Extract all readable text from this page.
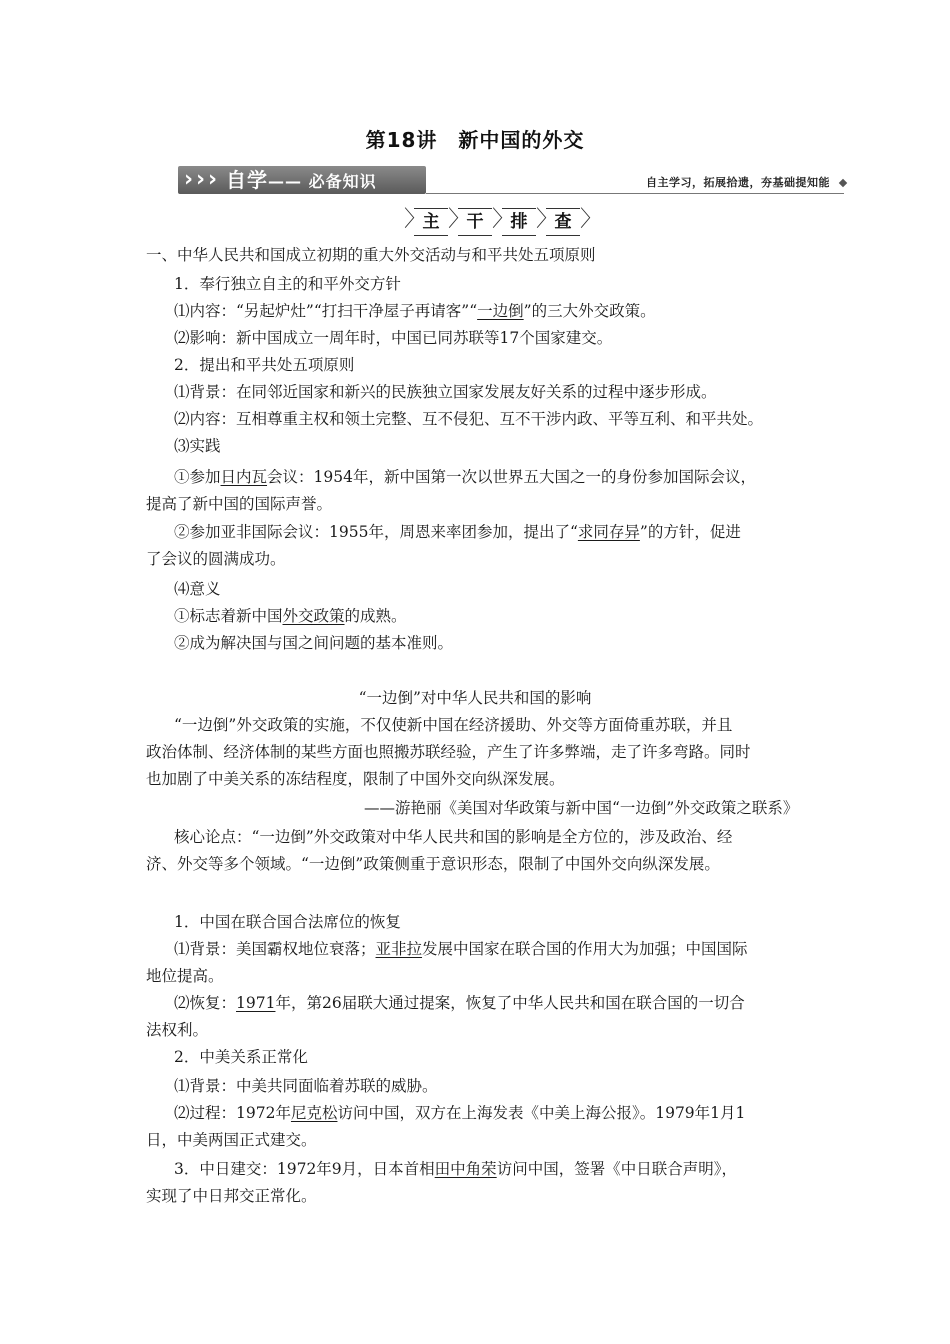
第18讲　新中国的外交
› › › 自学—— 必备知识	自主学习，拓展拾遗，夯基础提知能
〉
主 〉
干 〉
排 〉
查 〉
一、中华人民共和国成立初期的重大外交活动与和平共处五项原则
1．奉行独立自主的和平外交方针
⑴内容：“另起炉灶”“打扫干净屋子再请客”“一边倒”的三大外交政策。
⑵影响：新中国成立一周年时，中国已同苏联等17个国家建交。
2．提出和平共处五项原则
⑴背景：在同邻近国家和新兴的民族独立国家发展友好关系的过程中逐步形成。
⑵内容：互相尊重主权和领土完整、互不侵犯、互不干涉内政、平等互利、和平共处。
⑶实践
①参加日内瓦会议：1954年，新中国第一次以世界五大国之一的身份参加国际会议，
提高了新中国的国际声誉。
②参加亚非国际会议：1955年，周恩来率团参加，提出了“求同存异”的方针，促进
了会议的圆满成功。
⑷意义
①标志着新中国外交政策的成熟。
②成为解决国与国之间问题的基本准则。
“一边倒”对中华人民共和国的影响
“一边倒”外交政策的实施，不仅使新中国在经济援助、外交等方面倚重苏联，并且
政治体制、经济体制的某些方面也照搬苏联经验，产生了许多弊端，走了许多弯路。同时
也加剧了中美关系的冻结程度，限制了中国外交向纵深发展。
——游艳丽《美国对华政策与新中国“一边倒”外交政策之联系》
核心论点：“一边倒”外交政策对中华人民共和国的影响是全方位的，涉及政治、经
济、外交等多个领域。“一边倒”政策侧重于意识形态，限制了中国外交向纵深发展。
1．中国在联合国合法席位的恢复
⑴背景：美国霸权地位衰落；亚非拉发展中国家在联合国的作用大为加强；中国国际
地位提高。
⑵恢复：1971年，第26届联大通过提案，恢复了中华人民共和国在联合国的一切合
法权利。
2．中美关系正常化
⑴背景：中美共同面临着苏联的威胁。
⑵过程：1972年尼克松访问中国，双方在上海发表《中美上海公报》。1979年1月1
日，中美两国正式建交。
3．中日建交：1972年9月，日本首相田中角荣访问中国，签署《中日联合声明》，
实现了中日邦交正常化。
